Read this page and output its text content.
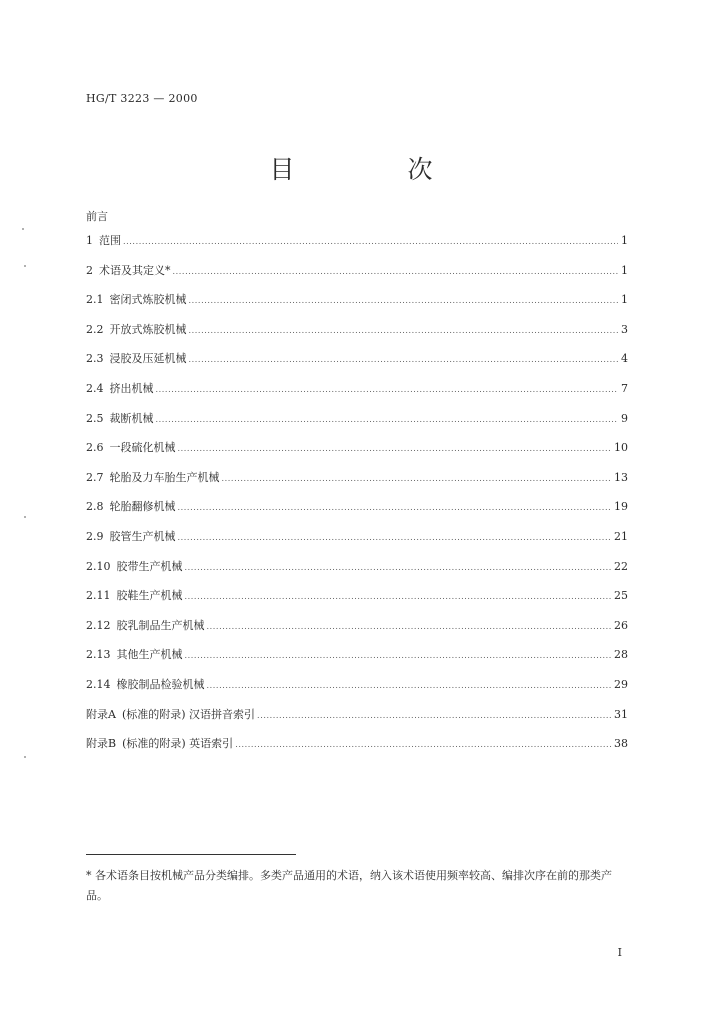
HG/T 3223 — 2000
目　次
前言
1 范围 .....	1
2 术语及其定义* .....	1
2.1 密闭式炼胶机械 .....	1
2.2 开放式炼胶机械 .....	3
2.3 浸胶及压延机械 .....	4
2.4 挤出机械 .....	7
2.5 裁断机械 .....	9
2.6 一段硫化机械 .....	10
2.7 轮胎及力车胎生产机械 .....	13
2.8 轮胎翻修机械 .....	19
2.9 胶管生产机械 .....	21
2.10 胶带生产机械 .....	22
2.11 胶鞋生产机械 .....	25
2.12 胶乳制品生产机械 .....	26
2.13 其他生产机械 .....	28
2.14 橡胶制品检验机械 .....	29
附录A (标准的附录) 汉语拼音索引 .....	31
附录B (标准的附录) 英语索引 .....	38
* 各术语条目按机械产品分类编排。多类产品通用的术语，纳入该术语使用频率较高、编排次序在前的那类产品。
I
